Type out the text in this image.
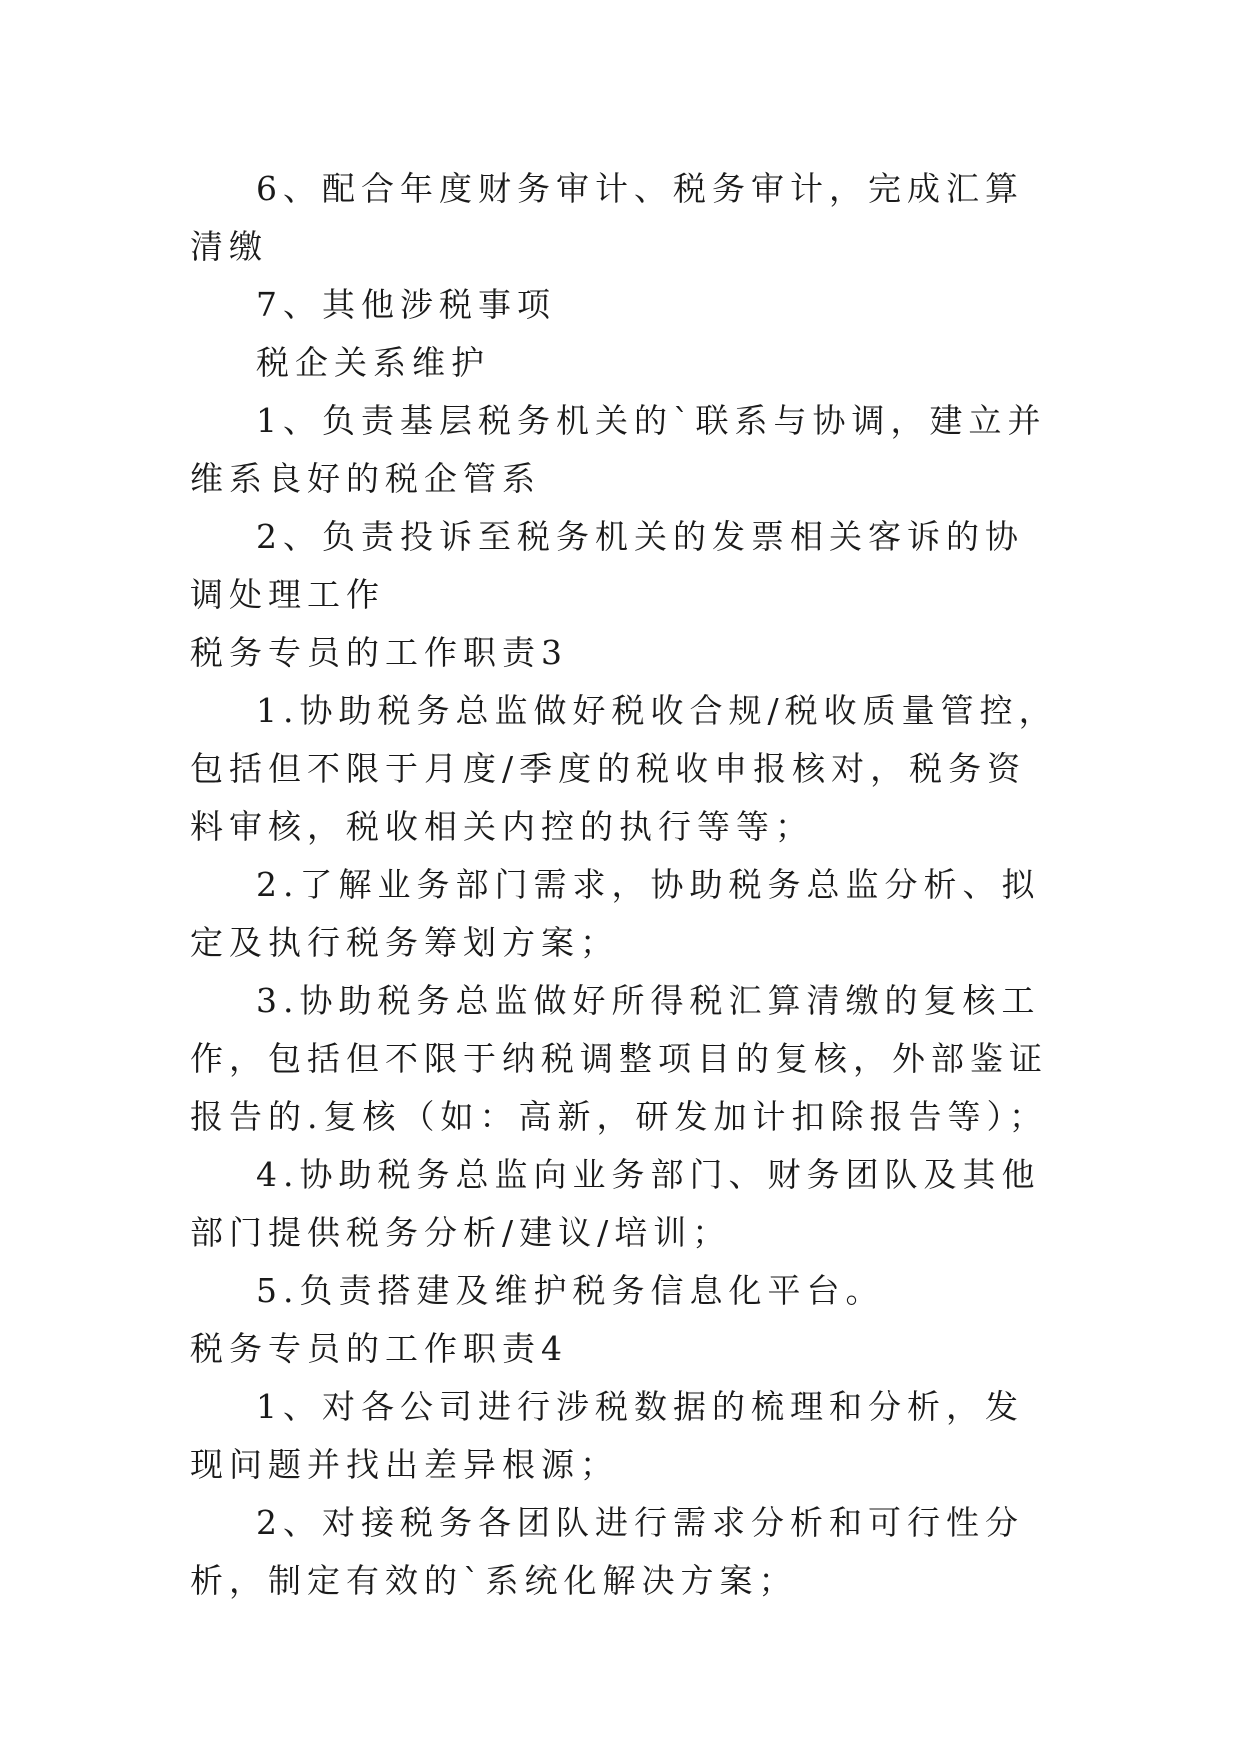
6、配合年度财务审计、税务审计，完成汇算清缴

7、其他涉税事项

税企关系维护

1、负责基层税务机关的`联系与协调，建立并维系良好的税企管系

2、负责投诉至税务机关的发票相关客诉的协调处理工作

税务专员的工作职责3

1.协助税务总监做好税收合规/税收质量管控，包括但不限于月度/季度的税收申报核对，税务资料审核，税收相关内控的执行等等；

2.了解业务部门需求，协助税务总监分析、拟定及执行税务筹划方案；

3.协助税务总监做好所得税汇算清缴的复核工作，包括但不限于纳税调整项目的复核，外部鉴证报告的.复核（如：高新，研发加计扣除报告等）；

4.协助税务总监向业务部门、财务团队及其他部门提供税务分析/建议/培训；

5.负责搭建及维护税务信息化平台。

税务专员的工作职责4

1、对各公司进行涉税数据的梳理和分析，发现问题并找出差异根源；

2、对接税务各团队进行需求分析和可行性分析，制定有效的`系统化解决方案；
